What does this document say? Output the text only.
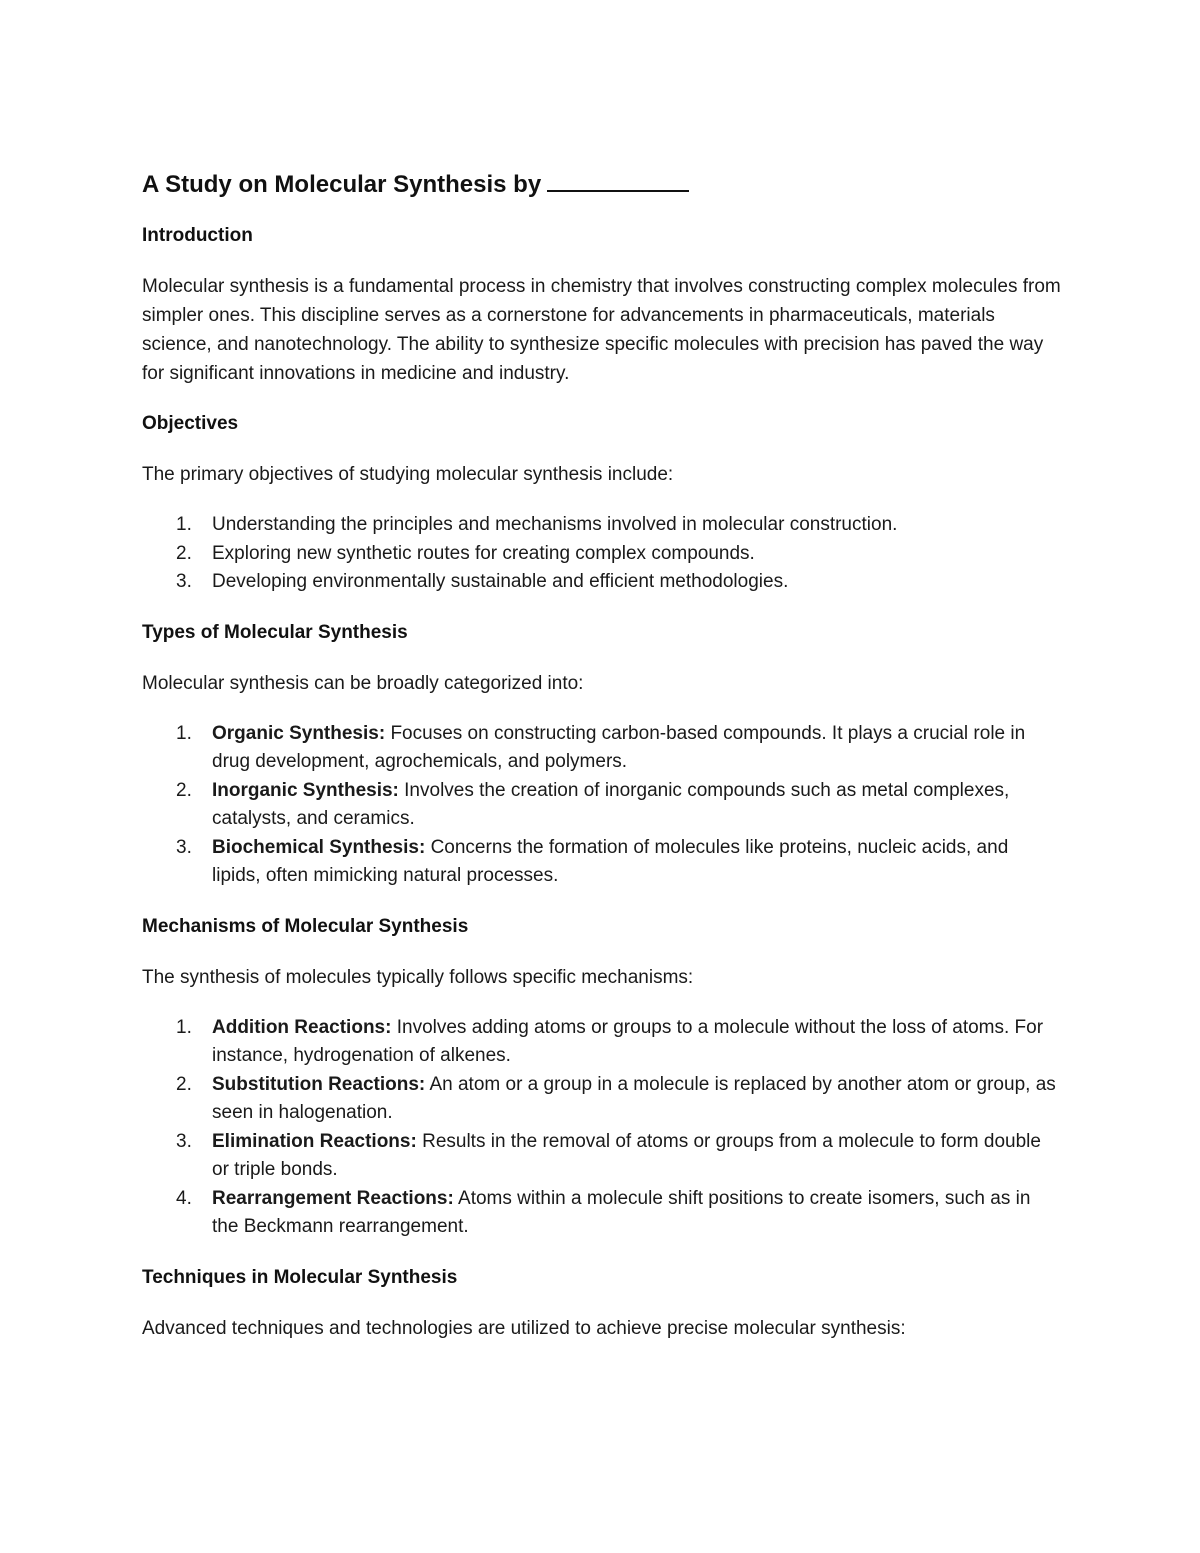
A Study on Molecular Synthesis by
Introduction

Molecular synthesis is a fundamental process in chemistry that involves constructing complex molecules from simpler ones. This discipline serves as a cornerstone for advancements in pharmaceuticals, materials science, and nanotechnology. The ability to synthesize specific molecules with precision has paved the way for significant innovations in medicine and industry.

Objectives

The primary objectives of studying molecular synthesis include:

1. Understanding the principles and mechanisms involved in molecular construction.
2. Exploring new synthetic routes for creating complex compounds.
3. Developing environmentally sustainable and efficient methodologies.
Types of Molecular Synthesis

Molecular synthesis can be broadly categorized into:

1. Organic Synthesis: Focuses on constructing carbon-based compounds. It plays a crucial role in drug development, agrochemicals, and polymers.
2. Inorganic Synthesis: Involves the creation of inorganic compounds such as metal complexes, catalysts, and ceramics.
3. Biochemical Synthesis: Concerns the formation of molecules like proteins, nucleic acids, and lipids, often mimicking natural processes.
Mechanisms of Molecular Synthesis

The synthesis of molecules typically follows specific mechanisms:

1. Addition Reactions: Involves adding atoms or groups to a molecule without the loss of atoms. For instance, hydrogenation of alkenes.
2. Substitution Reactions: An atom or a group in a molecule is replaced by another atom or group, as seen in halogenation.
3. Elimination Reactions: Results in the removal of atoms or groups from a molecule to form double or triple bonds.
4. Rearrangement Reactions: Atoms within a molecule shift positions to create isomers, such as in the Beckmann rearrangement.
Techniques in Molecular Synthesis

Advanced techniques and technologies are utilized to achieve precise molecular synthesis:
